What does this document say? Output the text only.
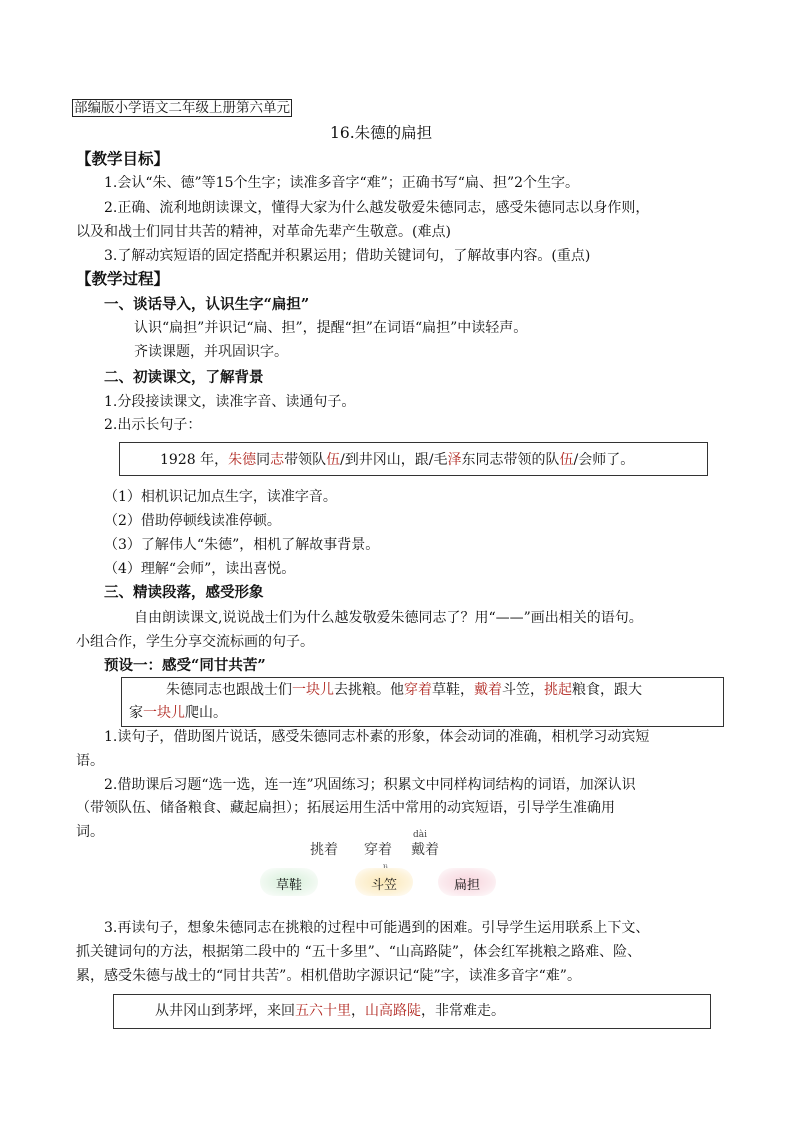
部编版小学语文二年级上册第六单元
16.朱德的扁担
【教学目标】
1.会认“朱、德”等15个生字；读准多音字“难”；正确书写“扁、担”2个生字。
2.正确、流利地朗读课文，懂得大家为什么越发敬爱朱德同志，感受朱德同志以身作则，
以及和战士们同甘共苦的精神，对革命先辈产生敬意。(难点)
3.了解动宾短语的固定搭配并积累运用；借助关键词句，了解故事内容。(重点)
【教学过程】
一、谈话导入，认识生字“扁担”
认识“扁担”并识记“扁、担”，提醒“担”在词语“扁担”中读轻声。
齐读课题，并巩固识字。
二、初读课文，了解背景
1.分段接读课文，读准字音、读通句子。
2.出示长句子：
1928 年，朱德同志带领队伍/到井冈山，跟/毛泽东同志带领的队伍/会师了。
（1）相机识记加点生字，读准字音。
（2）借助停顿线读准停顿。
（3）了解伟人“朱德”，相机了解故事背景。
（4）理解“会师”，读出喜悦。
三、精读段落，感受形象
自由朗读课文,说说战士们为什么越发敬爱朱德同志了？用“——”画出相关的语句。
小组合作，学生分享交流标画的句子。
预设一：感受“同甘共苦”
朱德同志也跟战士们一块儿去挑粮。他穿着草鞋，戴着斗笠，挑起粮食，跟大
家一块儿爬山。
1.读句子，借助图片说话，感受朱德同志朴素的形象，体会动词的准确，相机学习动宾短
语。
2.借助课后习题“选一选，连一连”巩固练习；积累文中同样构词结构的词语，加深认识
（带领队伍、储备粮食、藏起扁担）；拓展运用生活中常用的动宾短语，引导学生准确用
词。	dài
挑着 穿着 戴着
草鞋	斗笠	扁担
3.再读句子，想象朱德同志在挑粮的过程中可能遇到的困难。引导学生运用联系上下文、
抓关键词句的方法，根据第二段中的 “五十多里”、“山高路陡”，体会红军挑粮之路难、险、
累，感受朱德与战士的“同甘共苦”。相机借助字源识记“陡”字，读准多音字“难”。
从井冈山到茅坪，来回五六十里，山高路陡，非常难走。
